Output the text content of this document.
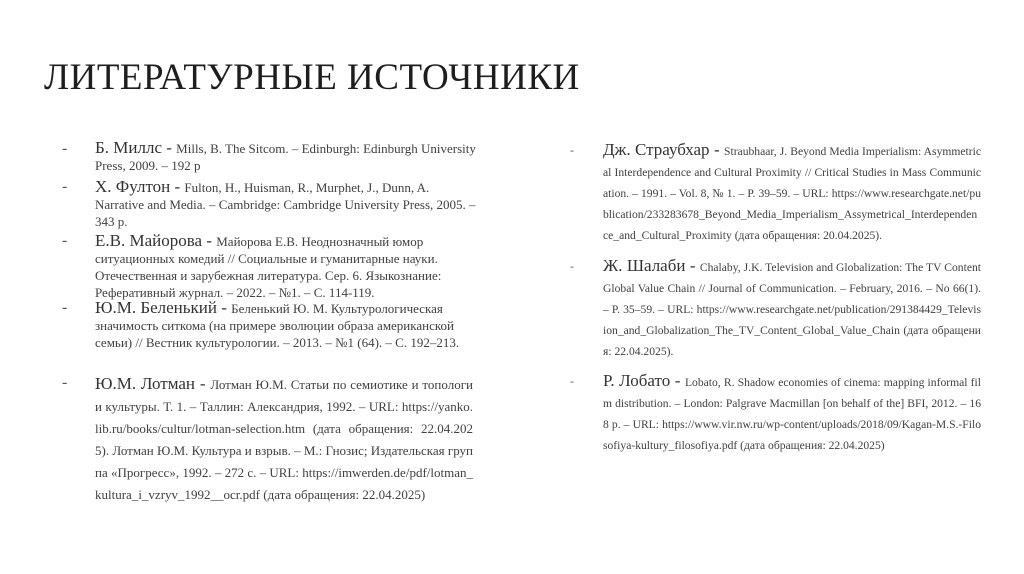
ЛИТЕРАТУРНЫЕ ИСТОЧНИКИ
- Б. Миллс - Mills, B. The Sitcom. – Edinburgh: Edinburgh University Press, 2009. – 192 p
- Х. Фултон - Fulton, H., Huisman, R., Murphet, J., Dunn, A. Narrative and Media. – Cambridge: Cambridge University Press, 2005. – 343 p.
- Е.В. Майорова - Майорова Е.В. Неоднозначный юмор ситуационных комедий // Социальные и гуманитарные науки. Отечественная и зарубежная литература. Сер. 6. Языкознание: Реферативный журнал. – 2022. – №1. – С. 114-119.
- Ю.М. Беленький - Беленький Ю. М. Культурологическая значимость ситкома (на примере эволюции образа американской семьи) // Вестник культурологии. – 2013. – №1 (64). – С. 192–213.
- Ю.М. Лотман - Лотман Ю.М. Статьи по семиотике и топологии культуры. Т. 1. – Таллин: Александрия, 1992. – URL: https://yanko.lib.ru/books/cultur/lotman-selection.htm (дата обращения: 22.04.2025). Лотман Ю.М. Культура и взрыв. – М.: Гнозис; Издательская группа «Прогресс», 1992. – 272 с. – URL: https://imwerden.de/pdf/lotman_kultura_i_vzryv_1992__ocr.pdf (дата обращения: 22.04.2025)
- Дж. Страубхар - Straubhaar, J. Beyond Media Imperialism: Asymmetrical Interdependence and Cultural Proximity // Critical Studies in Mass Communication. – 1991. – Vol. 8, № 1. – P. 39–59. – URL: https://www.researchgate.net/publication/233283678_Beyond_Media_Imperialism_Assymetrical_Interdependence_and_Cultural_Proximity (дата обращения: 20.04.2025).
- Ж. Шалаби - Chalaby, J.K. Television and Globalization: The TV Content Global Value Chain // Journal of Communication. – February, 2016. – No 66(1). – P. 35–59. – URL: https://www.researchgate.net/publication/291384429_Television_and_Globalization_The_TV_Content_Global_Value_Chain (дата обращения: 22.04.2025).
- Р. Лобато - Lobato, R. Shadow economies of cinema: mapping informal film distribution. – London: Palgrave Macmillan [on behalf of the] BFI, 2012. – 168 p. – URL: https://www.vir.nw.ru/wp-content/uploads/2018/09/Kagan-M.S.-Filosofiya-kultury_filosofiya.pdf (дата обращения: 22.04.2025)
